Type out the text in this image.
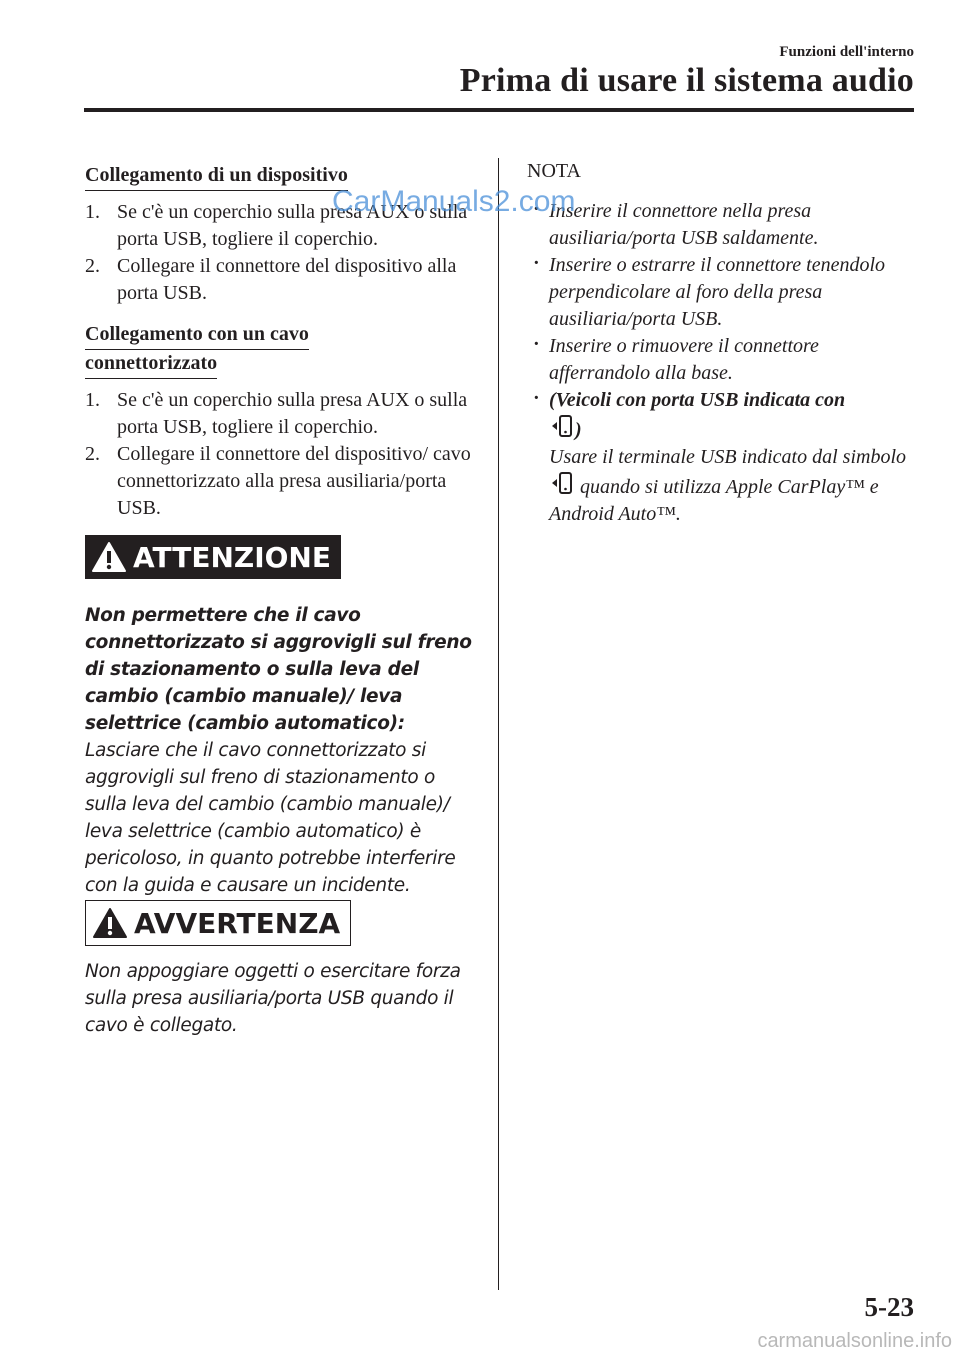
Funzioni dell'interno
Prima di usare il sistema audio
Collegamento di un dispositivo
1. Se c'è un coperchio sulla presa AUX o sulla porta USB, togliere il coperchio.
2. Collegare il connettore del dispositivo alla porta USB.
Collegamento con un cavo
connettorizzato
1. Se c'è un coperchio sulla presa AUX o sulla porta USB, togliere il coperchio.
2. Collegare il connettore del dispositivo/ cavo connettorizzato alla presa ausiliaria/porta USB.
ATTENZIONE
Non permettere che il cavo connettorizzato si aggrovigli sul freno di stazionamento o sulla leva del cambio (cambio manuale)/ leva selettrice (cambio automatico):
Lasciare che il cavo connettorizzato si aggrovigli sul freno di stazionamento o sulla leva del cambio (cambio manuale)/ leva selettrice (cambio automatico) è pericoloso, in quanto potrebbe interferire con la guida e causare un incidente.
AVVERTENZA
Non appoggiare oggetti o esercitare forza sulla presa ausiliaria/porta USB quando il cavo è collegato.
NOTA
· Inserire il connettore nella presa ausiliaria/porta USB saldamente.
· Inserire o estrarre il connettore tenendolo perpendicolare al foro della presa ausiliaria/porta USB.
· Inserire o rimuovere il connettore afferrandolo alla base.
· (Veicoli con porta USB indicata con
)
Usare il terminale USB indicato dal simbolo  quando si utilizza Apple CarPlay™ e Android Auto™.
CarManuals2.com
5-23
carmanualsonline.info
